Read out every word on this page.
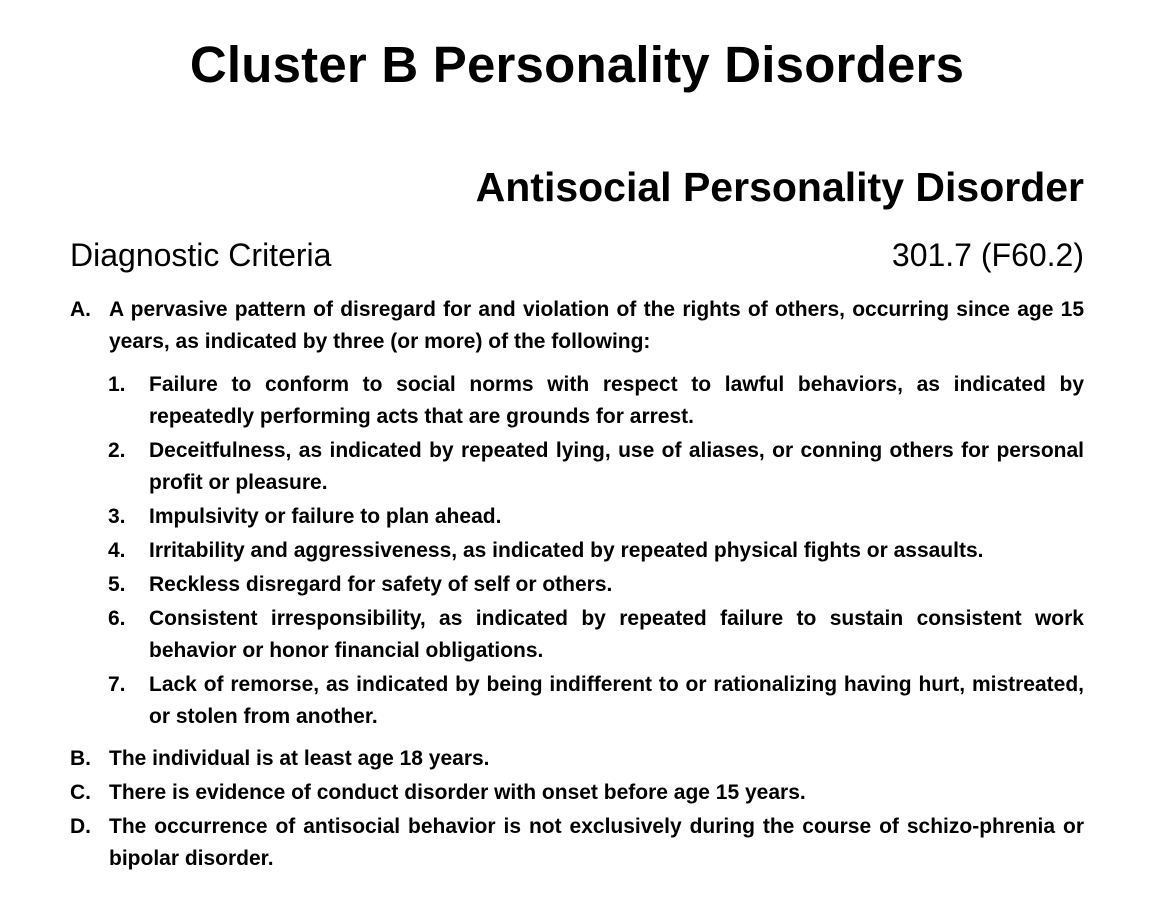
Cluster B Personality Disorders
Antisocial Personality Disorder
Diagnostic Criteria	301.7 (F60.2)
A. A pervasive pattern of disregard for and violation of the rights of others, occurring since age 15 years, as indicated by three (or more) of the following:
1.	Failure to conform to social norms with respect to lawful behaviors, as indicated by repeatedly performing acts that are grounds for arrest.
2.	Deceitfulness, as indicated by repeated lying, use of aliases, or conning others for personal profit or pleasure.
3.	Impulsivity or failure to plan ahead.
4.	Irritability and aggressiveness, as indicated by repeated physical fights or assaults.
5.	Reckless disregard for safety of self or others.
6.	Consistent irresponsibility, as indicated by repeated failure to sustain consistent work behavior or honor financial obligations.
7.	Lack of remorse, as indicated by being indifferent to or rationalizing having hurt, mistreated, or stolen from another.
B. The individual is at least age 18 years.
C. There is evidence of conduct disorder with onset before age 15 years.
D. The occurrence of antisocial behavior is not exclusively during the course of schizo-phrenia or bipolar disorder.
